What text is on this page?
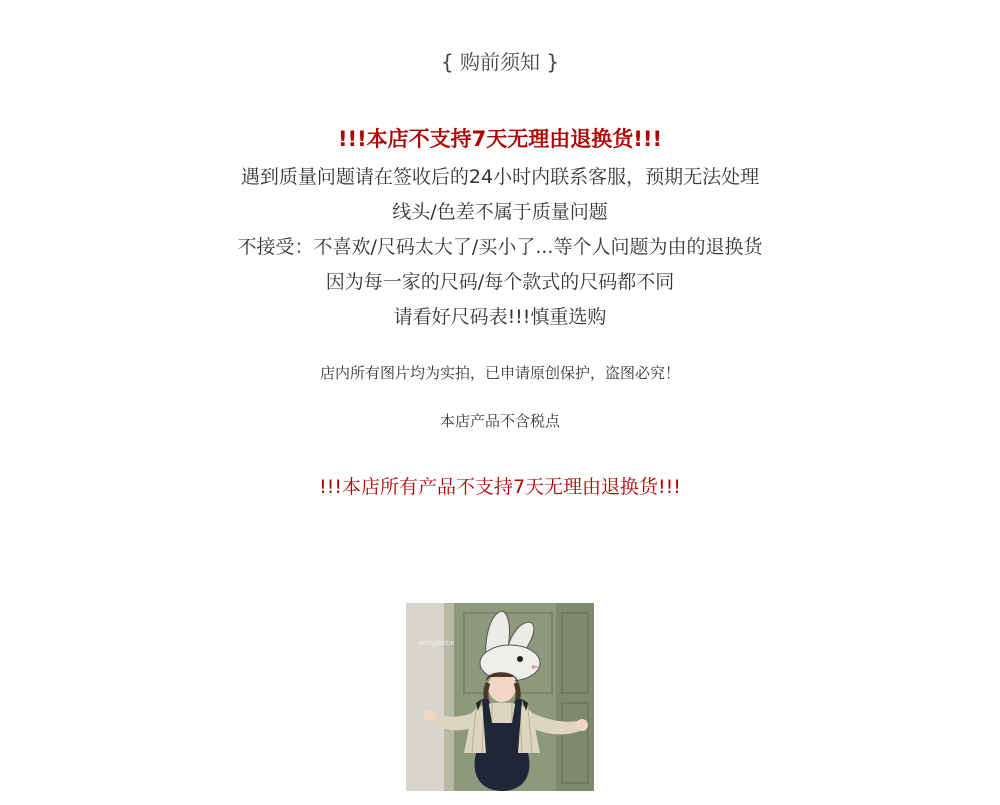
{ 购前须知 }
!!!本店不支持7天无理由退换货!!!
遇到质量问题请在签收后的24小时内联系客服，预期无法处理
线头/色差不属于质量问题
不接受：不喜欢/尺码太大了/买小了...等个人问题为由的退换货
因为每一家的尺码/每个款式的尺码都不同
请看好尺码表!!!慎重选购
店内所有图片均为实拍，已申请原创保护，盗图必究！
本店产品不含税点
!!!本店所有产品不支持7天无理由退换货!!!
jennybebe
